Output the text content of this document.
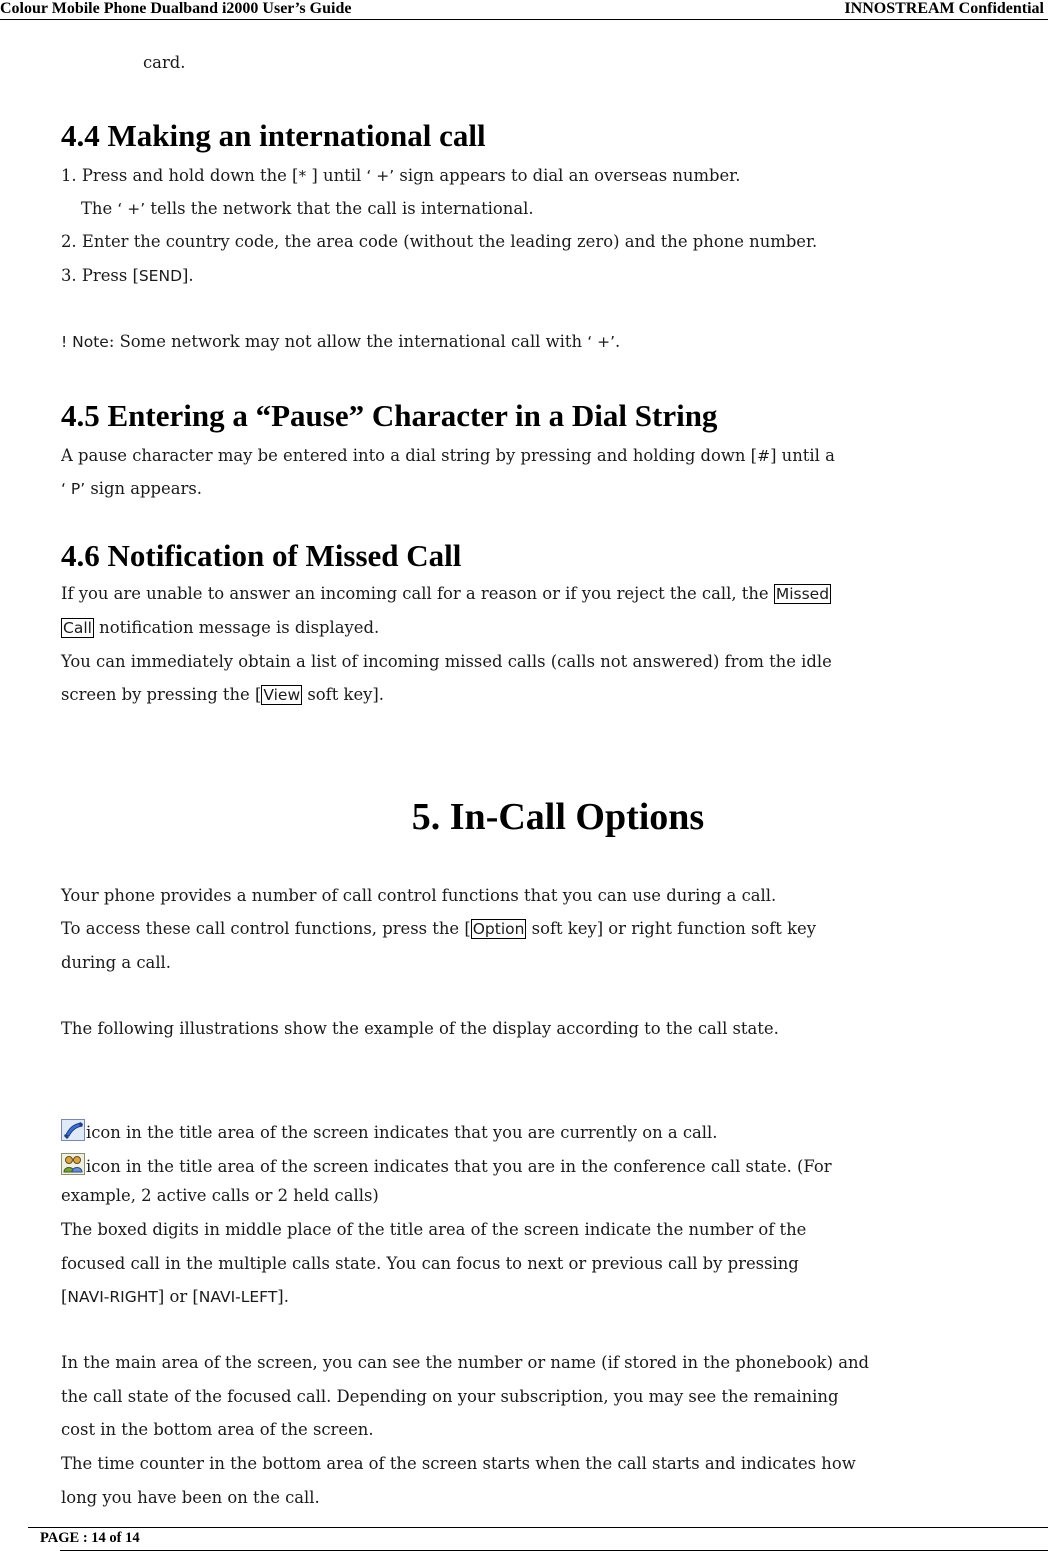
Colour Mobile Phone Dualband i2000 User’s Guide	INNOSTREAM Confidential
card.
4.4 Making an international call
1. Press and hold down the [* ] until ‘ +’ sign appears to dial an overseas number.
The ‘ +’ tells the network that the call is international.
2. Enter the country code, the area code (without the leading zero) and the phone number.
3. Press [SEND].
! Note: Some network may not allow the international call with ‘ +’.
4.5 Entering a “Pause” Character in a Dial String
A pause character may be entered into a dial string by pressing and holding down [#] until a
‘ P’ sign appears.
4.6 Notification of Missed Call
If you are unable to answer an incoming call for a reason or if you reject the call, the Missed
Call notification message is displayed.
You can immediately obtain a list of incoming missed calls (calls not answered) from the idle
screen by pressing the [ View soft key].
5. In-Call Options
Your phone provides a number of call control functions that you can use during a call.
To access these call control functions, press the [ Option soft key] or right function soft key
during a call.
The following illustrations show the example of the display according to the call state.
icon in the title area of the screen indicates that you are currently on a call.
icon in the title area of the screen indicates that you are in the conference call state. (For
example, 2 active calls or 2 held calls)
The boxed digits in middle place of the title area of the screen indicate the number of the
focused call in the multiple calls state. You can focus to next or previous call by pressing
[NAVI-RIGHT] or [NAVI-LEFT].
In the main area of the screen, you can see the number or name (if stored in the phonebook) and
the call state of the focused call. Depending on your subscription, you may see the remaining
cost in the bottom area of the screen.
The time counter in the bottom area of the screen starts when the call starts and indicates how
long you have been on the call.
PAGE : 14 of 14
